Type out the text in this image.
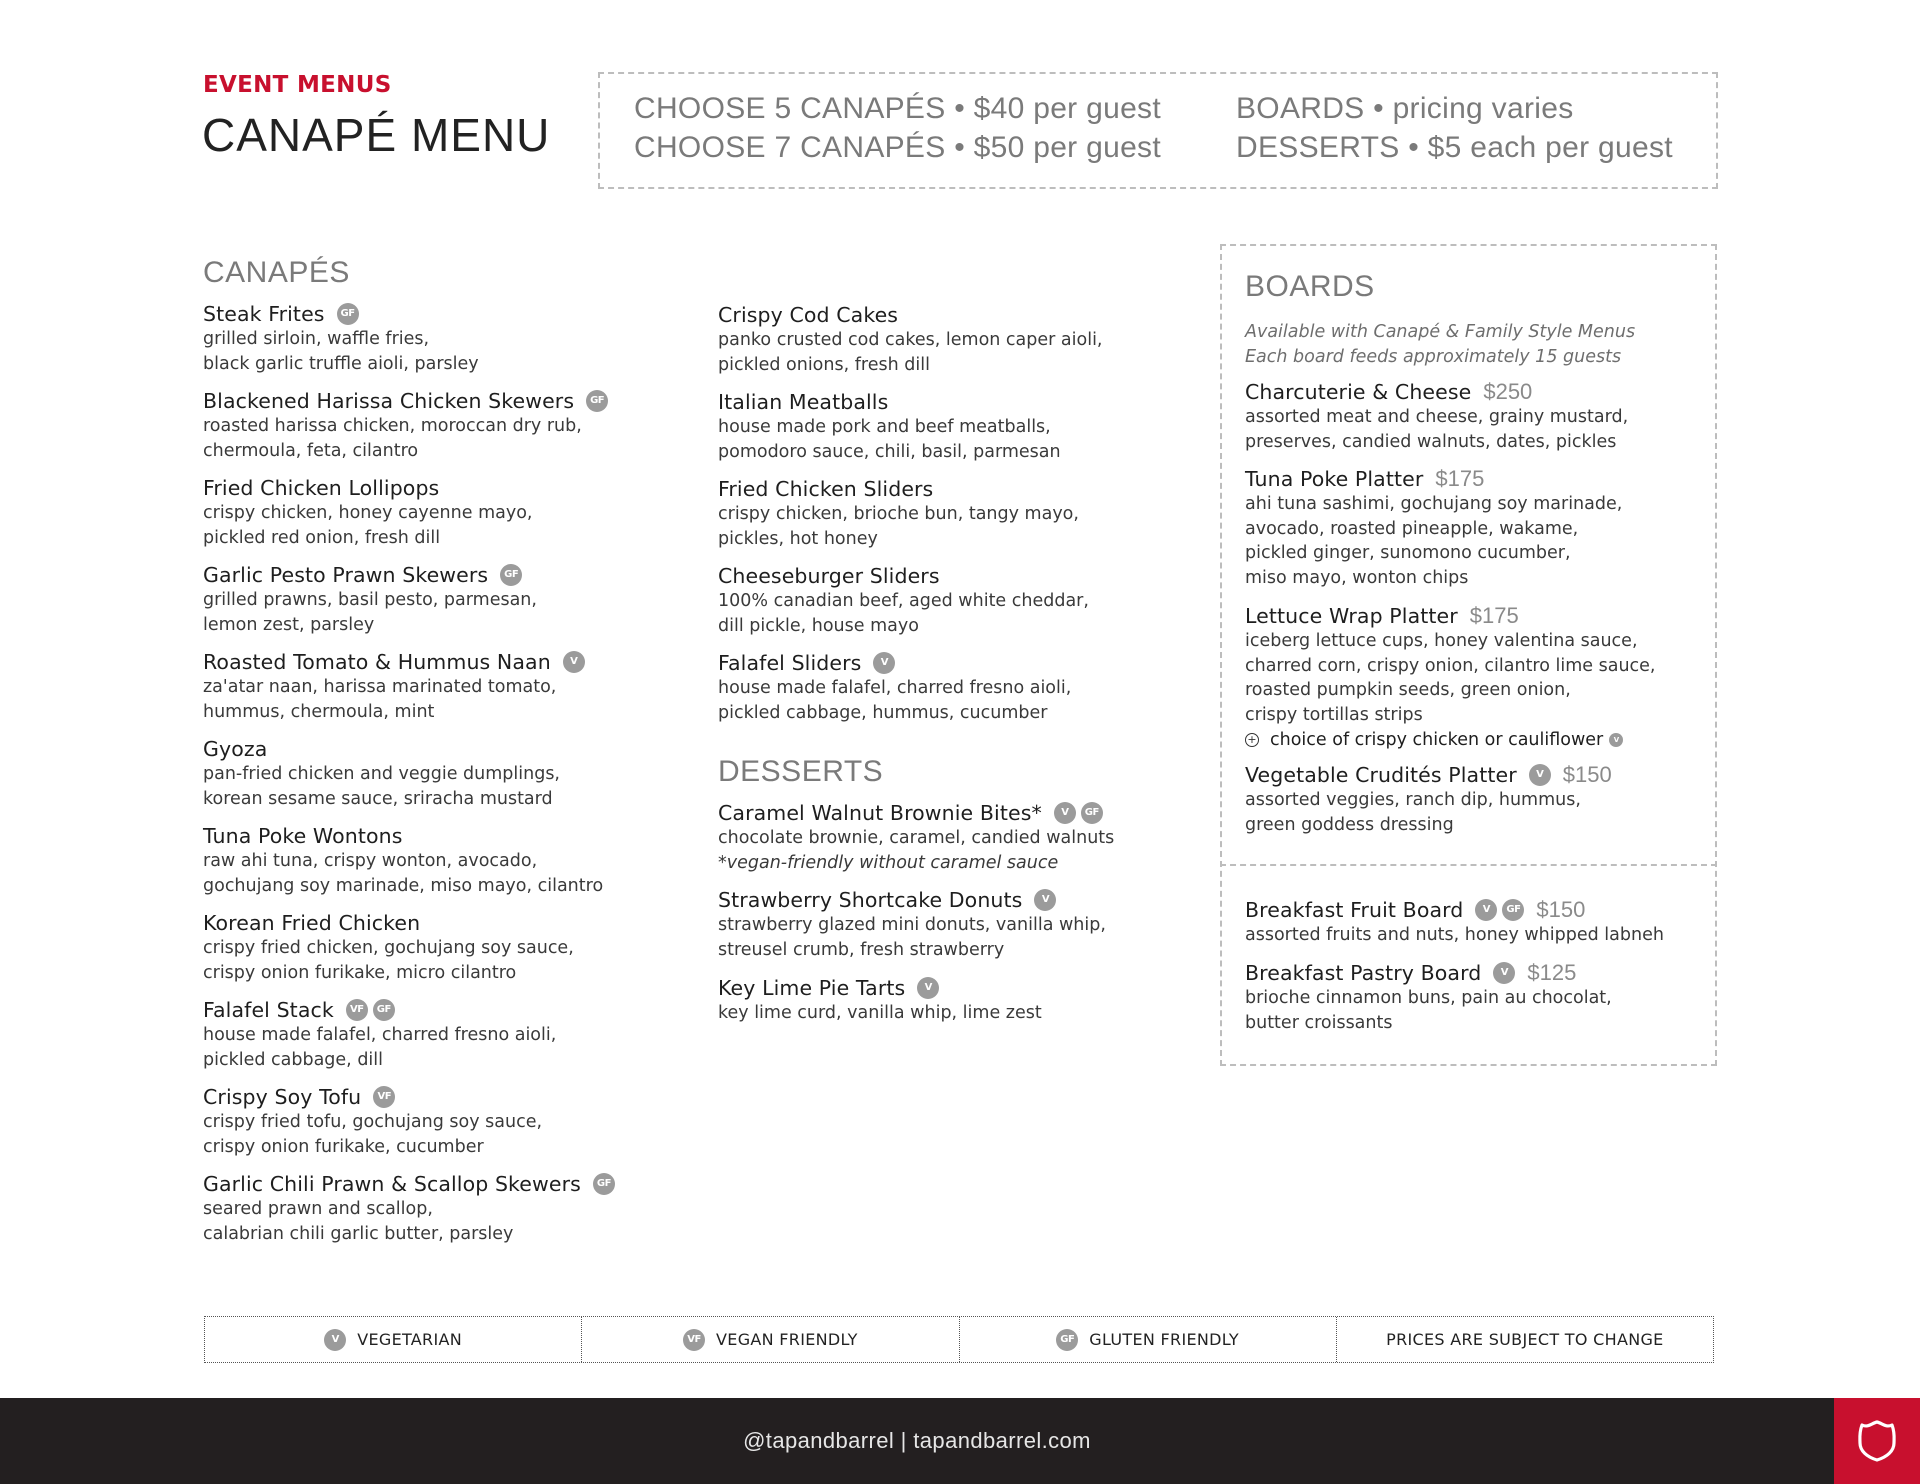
EVENT MENUS
CANAPÉ MENU
CHOOSE 5 CANAPÉS • $40 per guest
CHOOSE 7 CANAPÉS • $50 per guest
BOARDS • pricing varies
DESSERTS • $5 each per guest
CANAPÉS
DESSERTS
BOARDS
Available with Canapé & Family Style Menus
Each board feeds approximately 15 guests
Steak Frites	GF
grilled sirloin, waffle fries,
black garlic truffle aioli, parsley
Blackened Harissa Chicken Skewers	GF
roasted harissa chicken, moroccan dry rub,
chermoula, feta, cilantro
Fried Chicken Lollipops
crispy chicken, honey cayenne mayo,
pickled red onion, fresh dill
Garlic Pesto Prawn Skewers	GF
grilled prawns, basil pesto, parmesan,
lemon zest, parsley
Roasted Tomato & Hummus Naan	V
za'atar naan, harissa marinated tomato,
hummus, chermoula, mint
Gyoza
pan-fried chicken and veggie dumplings,
korean sesame sauce, sriracha mustard
Tuna Poke Wontons
raw ahi tuna, crispy wonton, avocado,
gochujang soy marinade, miso mayo, cilantro
Korean Fried Chicken
crispy fried chicken, gochujang soy sauce,
crispy onion furikake, micro cilantro
Falafel Stack	VF	GF
house made falafel, charred fresno aioli,
pickled cabbage, dill
Crispy Soy Tofu	VF
crispy fried tofu, gochujang soy sauce,
crispy onion furikake, cucumber
Garlic Chili Prawn & Scallop Skewers	GF
seared prawn and scallop,
calabrian chili garlic butter, parsley
Crispy Cod Cakes
panko crusted cod cakes, lemon caper aioli,
pickled onions, fresh dill
Italian Meatballs
house made pork and beef meatballs,
pomodoro sauce, chili, basil, parmesan
Fried Chicken Sliders
crispy chicken, brioche bun, tangy mayo,
pickles, hot honey
Cheeseburger Sliders
100% canadian beef, aged white cheddar,
dill pickle, house mayo
Falafel Sliders	V
house made falafel, charred fresno aioli,
pickled cabbage, hummus, cucumber
Caramel Walnut Brownie Bites*	V	GF
chocolate brownie, caramel, candied walnuts
*vegan-friendly without caramel sauce
Strawberry Shortcake Donuts	V
strawberry glazed mini donuts, vanilla whip,
streusel crumb, fresh strawberry
Key Lime Pie Tarts	V
key lime curd, vanilla whip, lime zest
Charcuterie & Cheese $250
assorted meat and cheese, grainy mustard,
preserves, candied walnuts, dates, pickles
Tuna Poke Platter $175
ahi tuna sashimi, gochujang soy marinade,
avocado, roasted pineapple, wakame,
pickled ginger, sunomono cucumber,
miso mayo, wonton chips
Lettuce Wrap Platter $175
iceberg lettuce cups, honey valentina sauce,
charred corn, crispy onion, cilantro lime sauce,
roasted pumpkin seeds, green onion,
crispy tortillas strips
+ choice of crispy chicken or cauliflower	V
Vegetable Crudités Platter	V $150
assorted veggies, ranch dip, hummus,
green goddess dressing
Breakfast Fruit Board	V	GF $150
assorted fruits and nuts, honey whipped labneh
Breakfast Pastry Board	V $125
brioche cinnamon buns, pain au chocolat,
butter croissants
V	VEGETARIAN	VF VEGAN FRIENDLY	GF GLUTEN FRIENDLY	PRICES ARE SUBJECT TO CHANGE
@tapandbarrel | tapandbarrel.com
